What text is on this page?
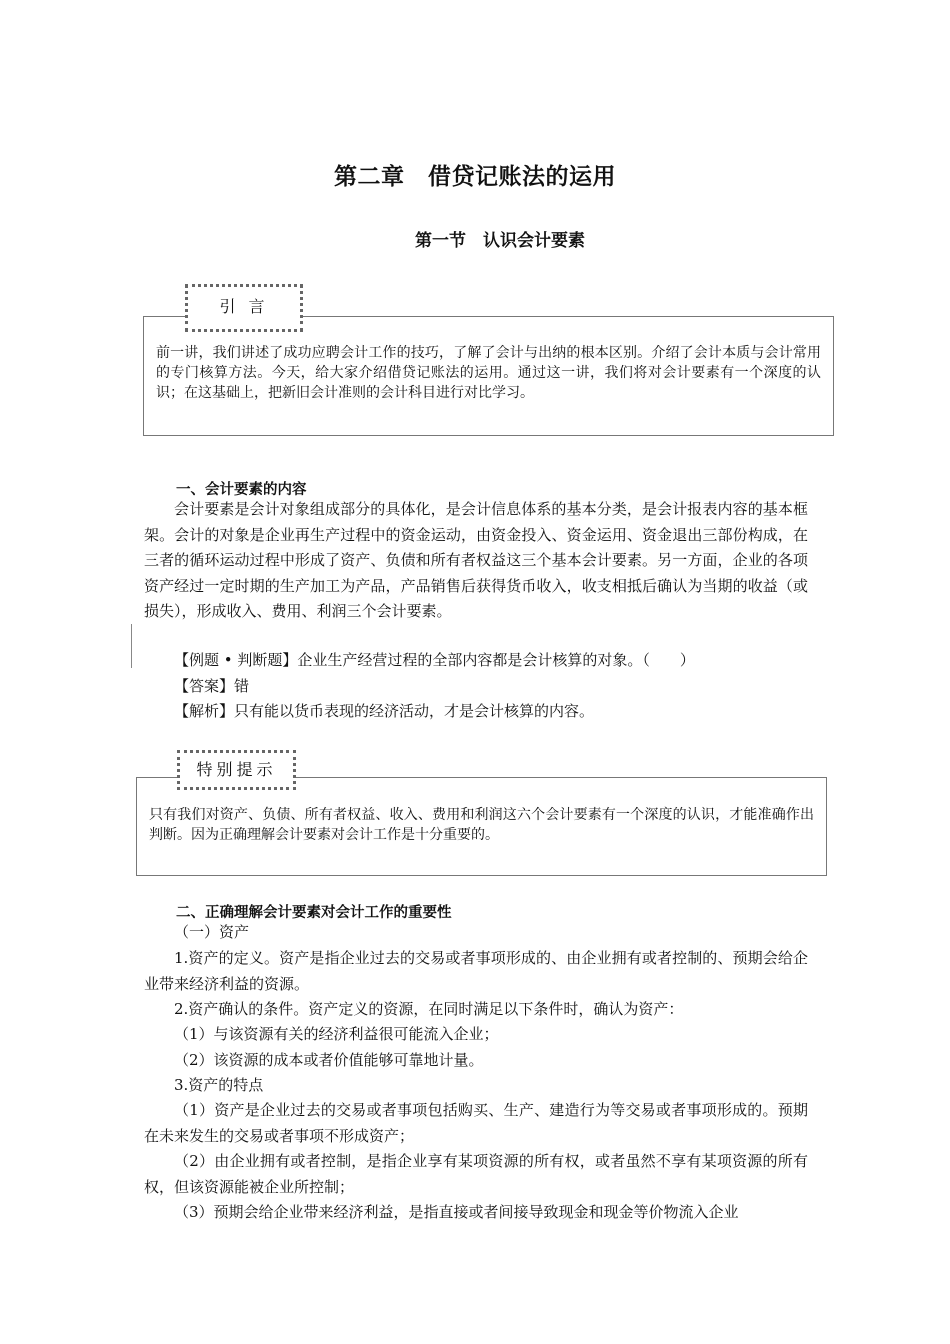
第二章　借贷记账法的运用
第一节　认识会计要素

前一讲，我们讲述了成功应聘会计工作的技巧，了解了会计与出纳的根本区别。介绍了会计本质与会计常用的专门核算方法。今天，给大家介绍借贷记账法的运用。通过这一讲，我们将对会计要素有一个深度的认识；在这基础上，把新旧会计准则的会计科目进行对比学习。

引 言
一、会计要素的内容

会计要素是会计对象组成部分的具体化，是会计信息体系的基本分类，是会计报表内容的基本框架。会计的对象是企业再生产过程中的资金运动，由资金投入、资金运用、资金退出三部份构成，在三者的循环运动过程中形成了资产、负债和所有者权益这三个基本会计要素。另一方面，企业的各项资产经过一定时期的生产加工为产品，产品销售后获得货币收入，收支相抵后确认为当期的收益（或损失），形成收入、费用、利润三个会计要素。

【例题 • 判断题】企业生产经营过程的全部内容都是会计核算的对象。（　　）

【答案】错

【解析】只有能以货币表现的经济活动，才是会计核算的内容。

只有我们对资产、负债、所有者权益、收入、费用和利润这六个会计要素有一个深度的认识，才能准确作出判断。因为正确理解会计要素对会计工作是十分重要的。

特别提示
二、正确理解会计要素对会计工作的重要性

（一）资产

1.资产的定义。资产是指企业过去的交易或者事项形成的、由企业拥有或者控制的、预期会给企业带来经济利益的资源。

2.资产确认的条件。资产定义的资源，在同时满足以下条件时，确认为资产：

（1）与该资源有关的经济利益很可能流入企业；

（2）该资源的成本或者价值能够可靠地计量。

3.资产的特点

（1）资产是企业过去的交易或者事项包括购买、生产、建造行为等交易或者事项形成的。预期在未来发生的交易或者事项不形成资产；

（2）由企业拥有或者控制，是指企业享有某项资源的所有权，或者虽然不享有某项资源的所有权，但该资源能被企业所控制；

（3）预期会给企业带来经济利益，是指直接或者间接导致现金和现金等价物流入企业
